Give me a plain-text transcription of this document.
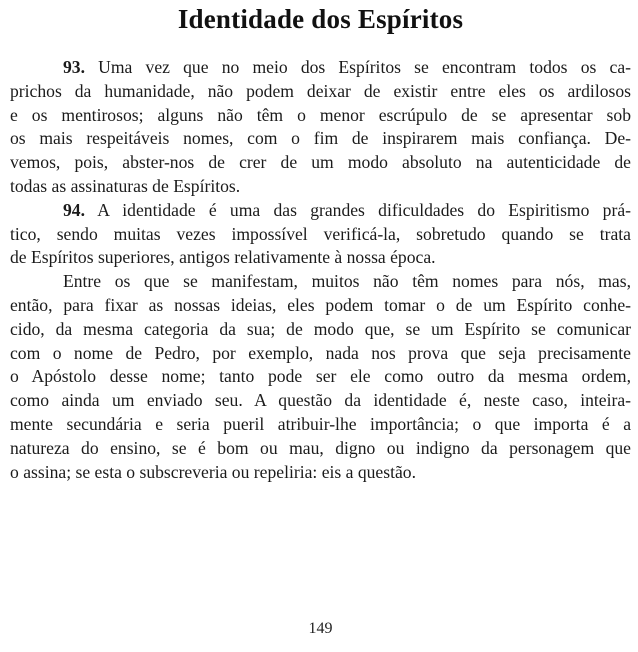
Identidade dos Espíritos
93. Uma vez que no meio dos Espíritos se encontram todos os ca-
prichos da humanidade, não podem deixar de existir entre eles os ardilosos
e os mentirosos; alguns não têm o menor escrúpulo de se apresentar sob
os mais respeitáveis nomes, com o fim de inspirarem mais confiança. De-
vemos, pois, abster-nos de crer de um modo absoluto na autenticidade de
todas as assinaturas de Espíritos.
94. A identidade é uma das grandes dificuldades do Espiritismo prá-
tico, sendo muitas vezes impossível verificá-la, sobretudo quando se trata
de Espíritos superiores, antigos relativamente à nossa época.
Entre os que se manifestam, muitos não têm nomes para nós, mas,
então, para fixar as nossas ideias, eles podem tomar o de um Espírito conhe-
cido, da mesma categoria da sua; de modo que, se um Espírito se comunicar
com o nome de Pedro, por exemplo, nada nos prova que seja precisamente
o Apóstolo desse nome; tanto pode ser ele como outro da mesma ordem,
como ainda um enviado seu. A questão da identidade é, neste caso, inteira-
mente secundária e seria pueril atribuir-lhe importância; o que importa é a
natureza do ensino, se é bom ou mau, digno ou indigno da personagem que
o assina; se esta o subscreveria ou repeliria: eis a questão.
149
